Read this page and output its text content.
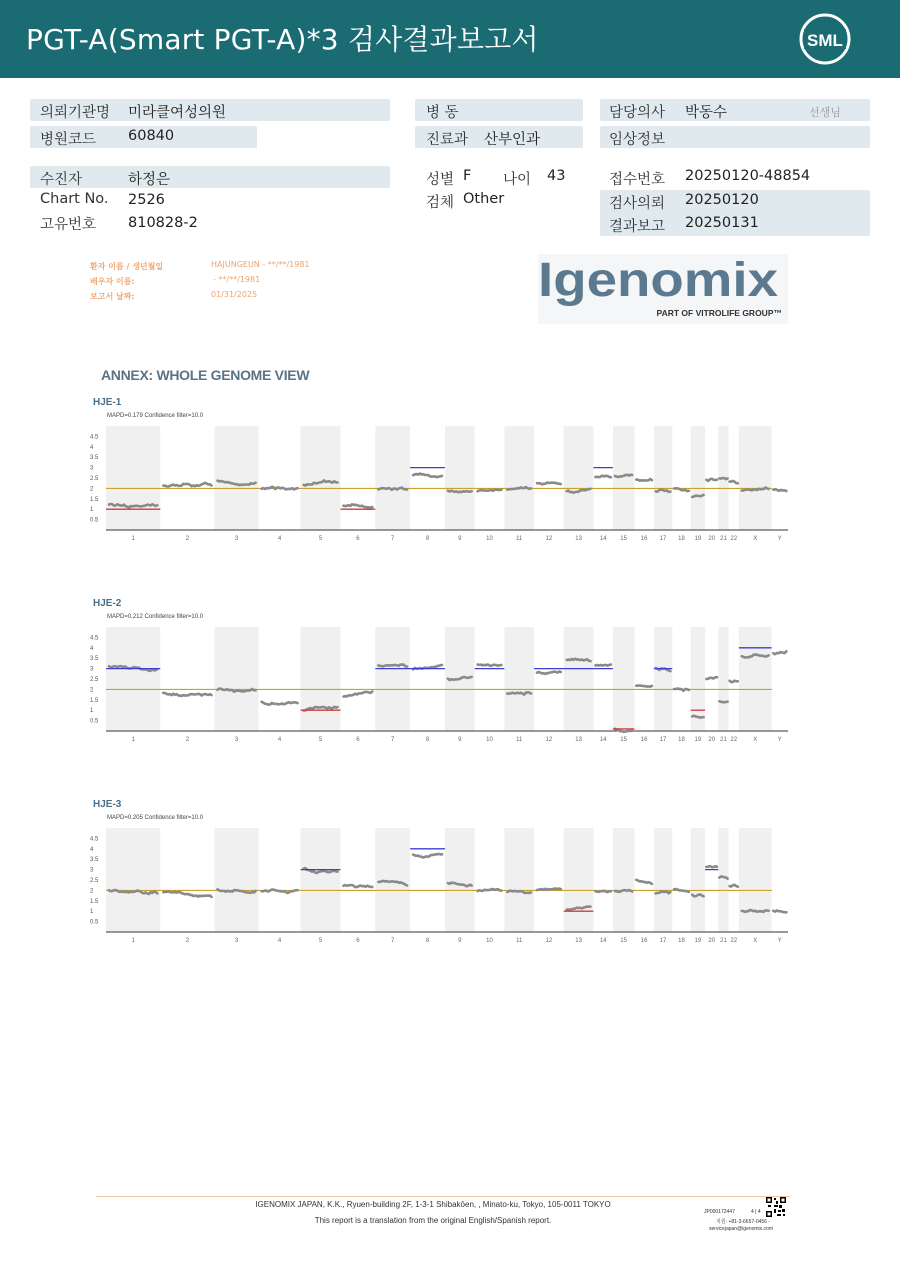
PGT-A(Smart PGT-A)*3 검사결과보고서	SML
의뢰기관명 미라클여성의원
병원코드 60840
병 동
진료과 산부인과
담당의사 박동수	선생님
임상정보
수진자	하정은
Chart No. 2526
고유번호 810828-2
성별 F 나이 43
검체 Other
접수번호 20250120-48854
검사의뢰 20250120
결과보고 20250131
환자 이름 / 생년월일	HAJUNGEUN - **/**/1981
배우자 이름:	- **/**/1981
보고서 날짜:	01/31/2025	Igenomix
PART OF VITROLIFE GROUP™
ANNEX: WHOLE GENOME VIEW
HJE-1
MAPD=0.179 Confidence filter=10.0
4.5
4
3.5
3
2.5
2
1.5
1
0.5
1	2	3	4	5	6	7	8	9	10	11	12	13	14 15 16 17 18 19 20 21 22	X	Y
HJE-2
MAPD=0.212 Confidence filter=10.0
4.5
4
3.5
3
2.5
2
1.5
1
0.5
1	2	3	4	5	6	7	8	9	10	11	12	13	14 15 16 17 18 19 20 21 22	X	Y
HJE-3
MAPD=0.205 Confidence filter=10.0
4.5
4
3.5
3
2.5
2
1.5
1
0.5
1	2	3	4	5	6	7	8	9	10	11	12	13	14 15 16 17 18 19 20 21 22	X	Y
IGENOMIX JAPAN, K.K., Ryuen-building 2F, 1-3-1 Shibakōen, , Minato-ku, Tokyo, 105-0011 TOKYO
This report is a translation from the original English/Spanish report.
JP000172447	4 | 4
지원: +81-3-6657-0456 -
servicejapan@igenomix.com
